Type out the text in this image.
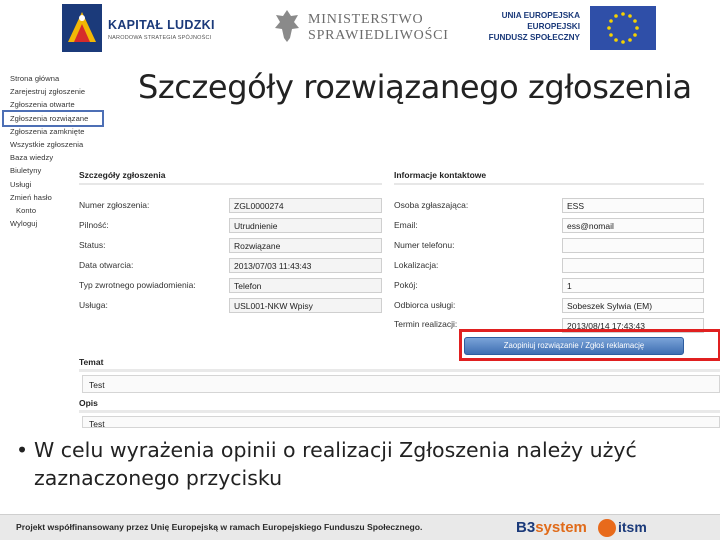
KAPITAŁ LUDZKI
NARODOWA STRATEGIA SPÓJNOŚCI
MINISTERSTWO
SPRAWIEDLIWOŚCI
UNIA EUROPEJSKA
EUROPEJSKI
FUNDUSZ SPOŁECZNY
Strona główna
Zarejestruj zgłoszenie
Zgłoszenia otwarte
Zgłoszenia rozwiązane
Zgłoszenia zamknięte
Wszystkie zgłoszenia
Baza wiedzy
Biuletyny
Usługi
Zmień hasło
Konto
Wyloguj
Szczegóły rozwiązanego zgłoszenia
Szczegóły zgłoszenia
Numer zgłoszenia:	ZGL0000274
Pilność:	Utrudnienie
Status:	Rozwiązane
Data otwarcia:	2013/07/03 11:43:43
Typ zwrotnego powiadomienia:	Telefon
Usługa:	USL001-NKW Wpisy
Informacje kontaktowe
Osoba zgłaszająca:	ESS
Email:	ess@nomail
Numer telefonu:
Lokalizacja:
Pokój:	1
Odbiorca usługi:	Sobeszek Sylwia (EM)
Termin realizacji:	2013/08/14 17:43:43
Zaopiniuj rozwiązanie / Zgłoś reklamację
Temat
Test
Opis
Test
• W celu wyrażenia opinii o realizacji Zgłoszenia należy użyć zaznaczonego przycisku
Projekt współfinansowany przez Unię Europejską w ramach Europejskiego Funduszu Społecznego.	B3system itsm
